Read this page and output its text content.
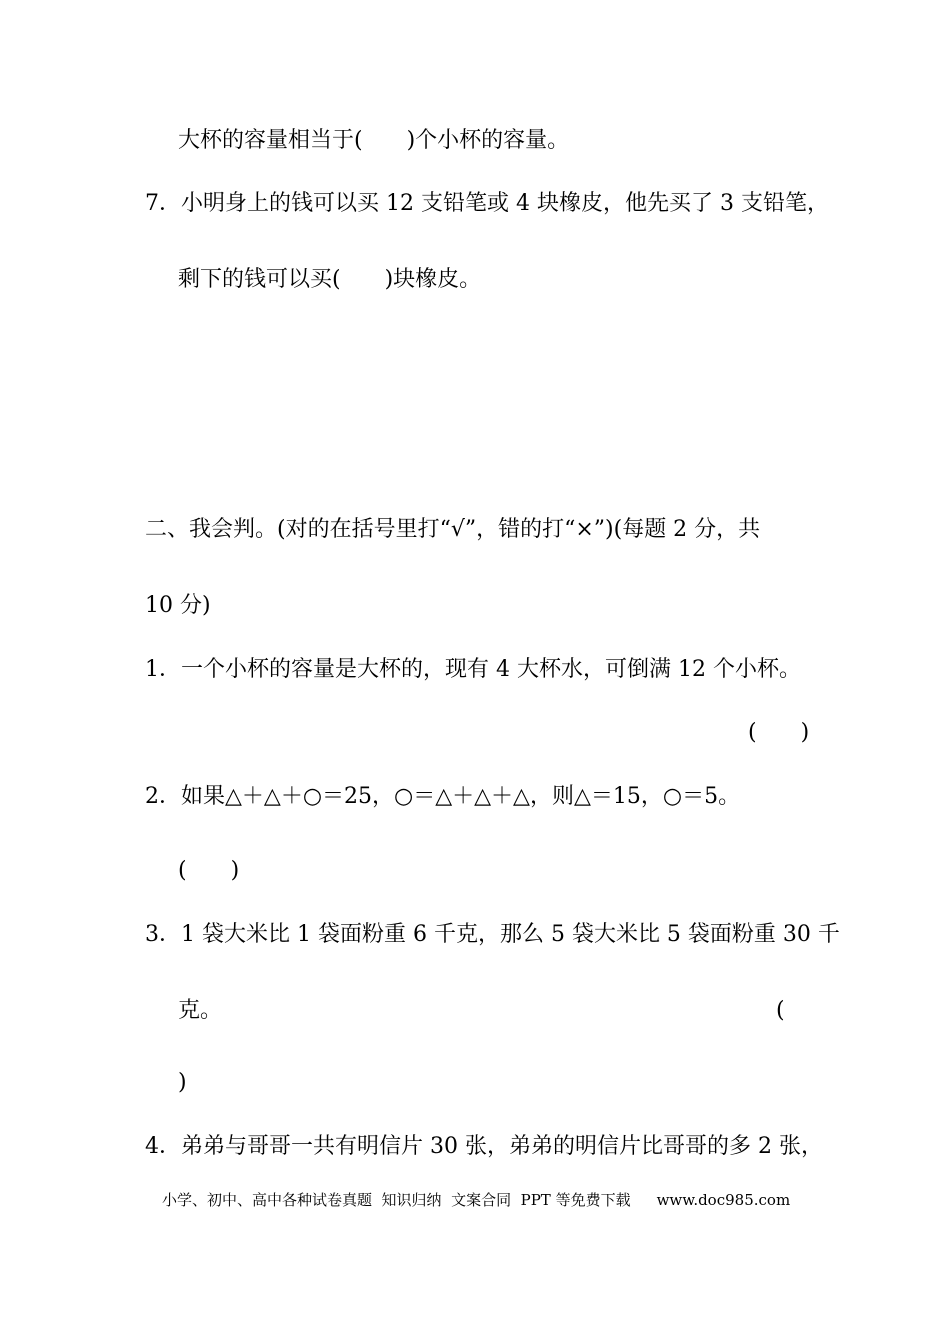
大杯的容量相当于(　　)个小杯的容量。

7．小明身上的钱可以买 12 支铅笔或 4 块橡皮，他先买了 3 支铅笔，

剩下的钱可以买(　　)块橡皮。

二、我会判。(对的在括号里打“√”，错的打“×”)(每题 2 分，共

10 分)

1．一个小杯的容量是大杯的，现有 4 大杯水，可倒满 12 个小杯。

(　　)

2．如果△＋△＋○＝25，○＝△＋△＋△，则△＝15，○＝5。

(　　)

3．1 袋大米比 1 袋面粉重 6 千克，那么 5 袋大米比 5 袋面粉重 30 千

克。	(

)

4．弟弟与哥哥一共有明信片 30 张，弟弟的明信片比哥哥的多 2 张，

小学、初中、高中各种试卷真题  知识归纳  文案合同  PPT 等免费下载 www.doc985.com
